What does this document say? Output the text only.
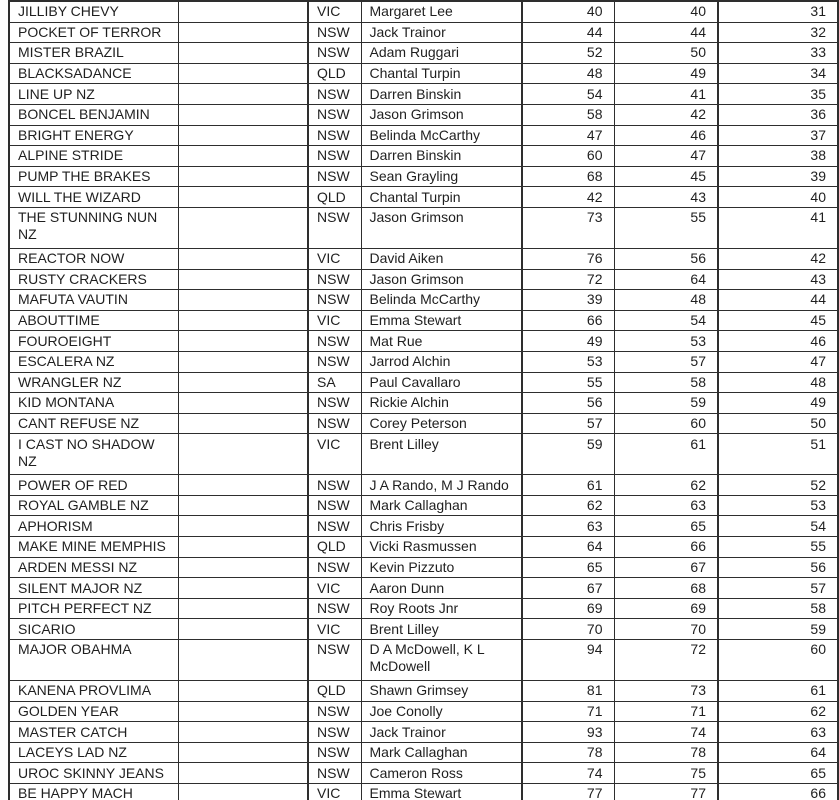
JILLIBY CHEVY		VIC	Margaret Lee	40	40	31
POCKET OF TERROR		NSW	Jack Trainor	44	44	32
MISTER BRAZIL		NSW	Adam Ruggari	52	50	33
BLACKSADANCE		QLD	Chantal Turpin	48	49	34
LINE UP NZ		NSW	Darren Binskin	54	41	35
BONCEL BENJAMIN		NSW	Jason Grimson	58	42	36
BRIGHT ENERGY		NSW	Belinda McCarthy	47	46	37
ALPINE STRIDE		NSW	Darren Binskin	60	47	38
PUMP THE BRAKES		NSW	Sean Grayling	68	45	39
WILL THE WIZARD		QLD	Chantal Turpin	42	43	40
THE STUNNING NUN NZ		NSW	Jason Grimson	73	55	41
REACTOR NOW		VIC	David Aiken	76	56	42
RUSTY CRACKERS		NSW	Jason Grimson	72	64	43
MAFUTA VAUTIN		NSW	Belinda McCarthy	39	48	44
ABOUTTIME		VIC	Emma Stewart	66	54	45
FOUROEIGHT		NSW	Mat Rue	49	53	46
ESCALERA NZ		NSW	Jarrod Alchin	53	57	47
WRANGLER NZ		SA	Paul Cavallaro	55	58	48
KID MONTANA		NSW	Rickie Alchin	56	59	49
CANT REFUSE NZ		NSW	Corey Peterson	57	60	50
I CAST NO SHADOW NZ		VIC	Brent Lilley	59	61	51
POWER OF RED		NSW	J A Rando, M J Rando	61	62	52
ROYAL GAMBLE NZ		NSW	Mark Callaghan	62	63	53
APHORISM		NSW	Chris Frisby	63	65	54
MAKE MINE MEMPHIS		QLD	Vicki Rasmussen	64	66	55
ARDEN MESSI NZ		NSW	Kevin Pizzuto	65	67	56
SILENT MAJOR NZ		VIC	Aaron Dunn	67	68	57
PITCH PERFECT NZ		NSW	Roy Roots Jnr	69	69	58
SICARIO		VIC	Brent Lilley	70	70	59
MAJOR OBAHMA		NSW	D A McDowell, K L McDowell	94	72	60
KANENA PROVLIMA		QLD	Shawn Grimsey	81	73	61
GOLDEN YEAR		NSW	Joe Conolly	71	71	62
MASTER CATCH		NSW	Jack Trainor	93	74	63
LACEYS LAD NZ		NSW	Mark Callaghan	78	78	64
UROC SKINNY JEANS		NSW	Cameron Ross	74	75	65
BE HAPPY MACH		VIC	Emma Stewart	77	77	66
